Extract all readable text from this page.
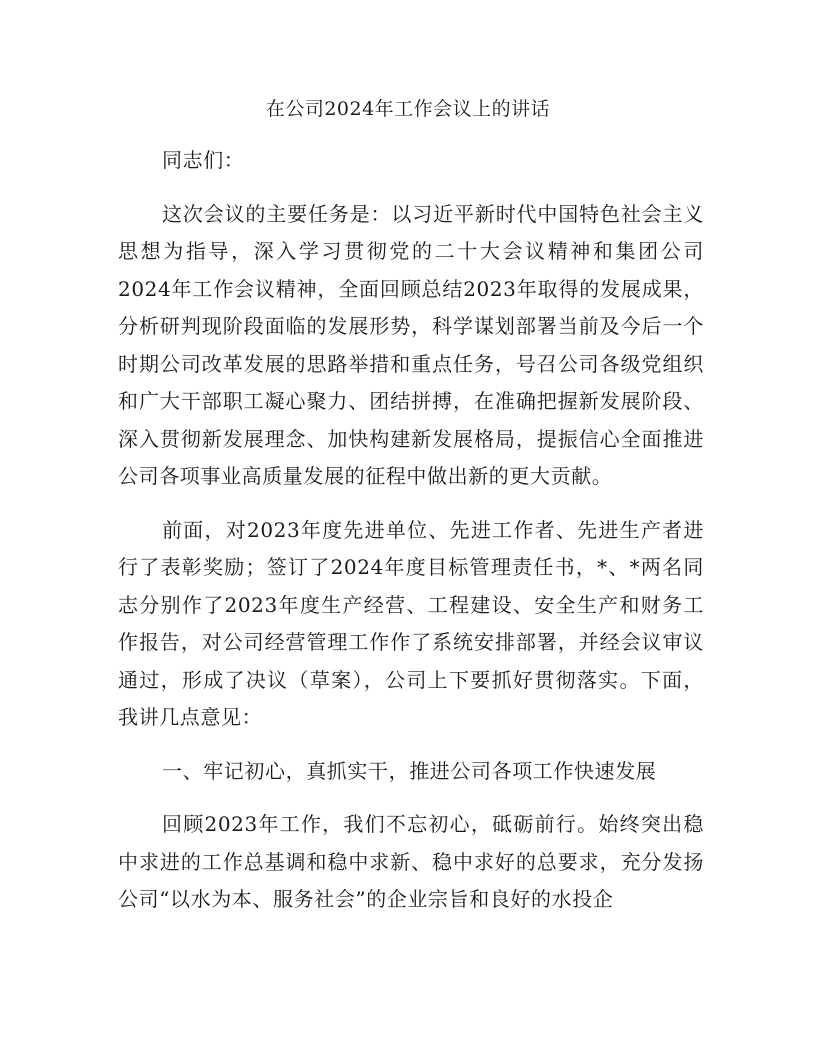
在公司2024年工作会议上的讲话

同志们：

这次会议的主要任务是：以习近平新时代中国特色社会主义思想为指导，深入学习贯彻党的二十大会议精神和集团公司2024年工作会议精神，全面回顾总结2023年取得的发展成果，分析研判现阶段面临的发展形势，科学谋划部署当前及今后一个时期公司改革发展的思路举措和重点任务，号召公司各级党组织和广大干部职工凝心聚力、团结拼搏，在准确把握新发展阶段、深入贯彻新发展理念、加快构建新发展格局，提振信心全面推进公司各项事业高质量发展的征程中做出新的更大贡献。

前面，对2023年度先进单位、先进工作者、先进生产者进行了表彰奖励；签订了2024年度目标管理责任书，*、*两名同志分别作了2023年度生产经营、工程建设、安全生产和财务工作报告，对公司经营管理工作作了系统安排部署，并经会议审议通过，形成了决议（草案），公司上下要抓好贯彻落实。下面，我讲几点意见：

一、牢记初心，真抓实干，推进公司各项工作快速发展

回顾2023年工作，我们不忘初心，砥砺前行。始终突出稳中求进的工作总基调和稳中求新、稳中求好的总要求，充分发扬公司“以水为本、服务社会”的企业宗旨和良好的水投企
